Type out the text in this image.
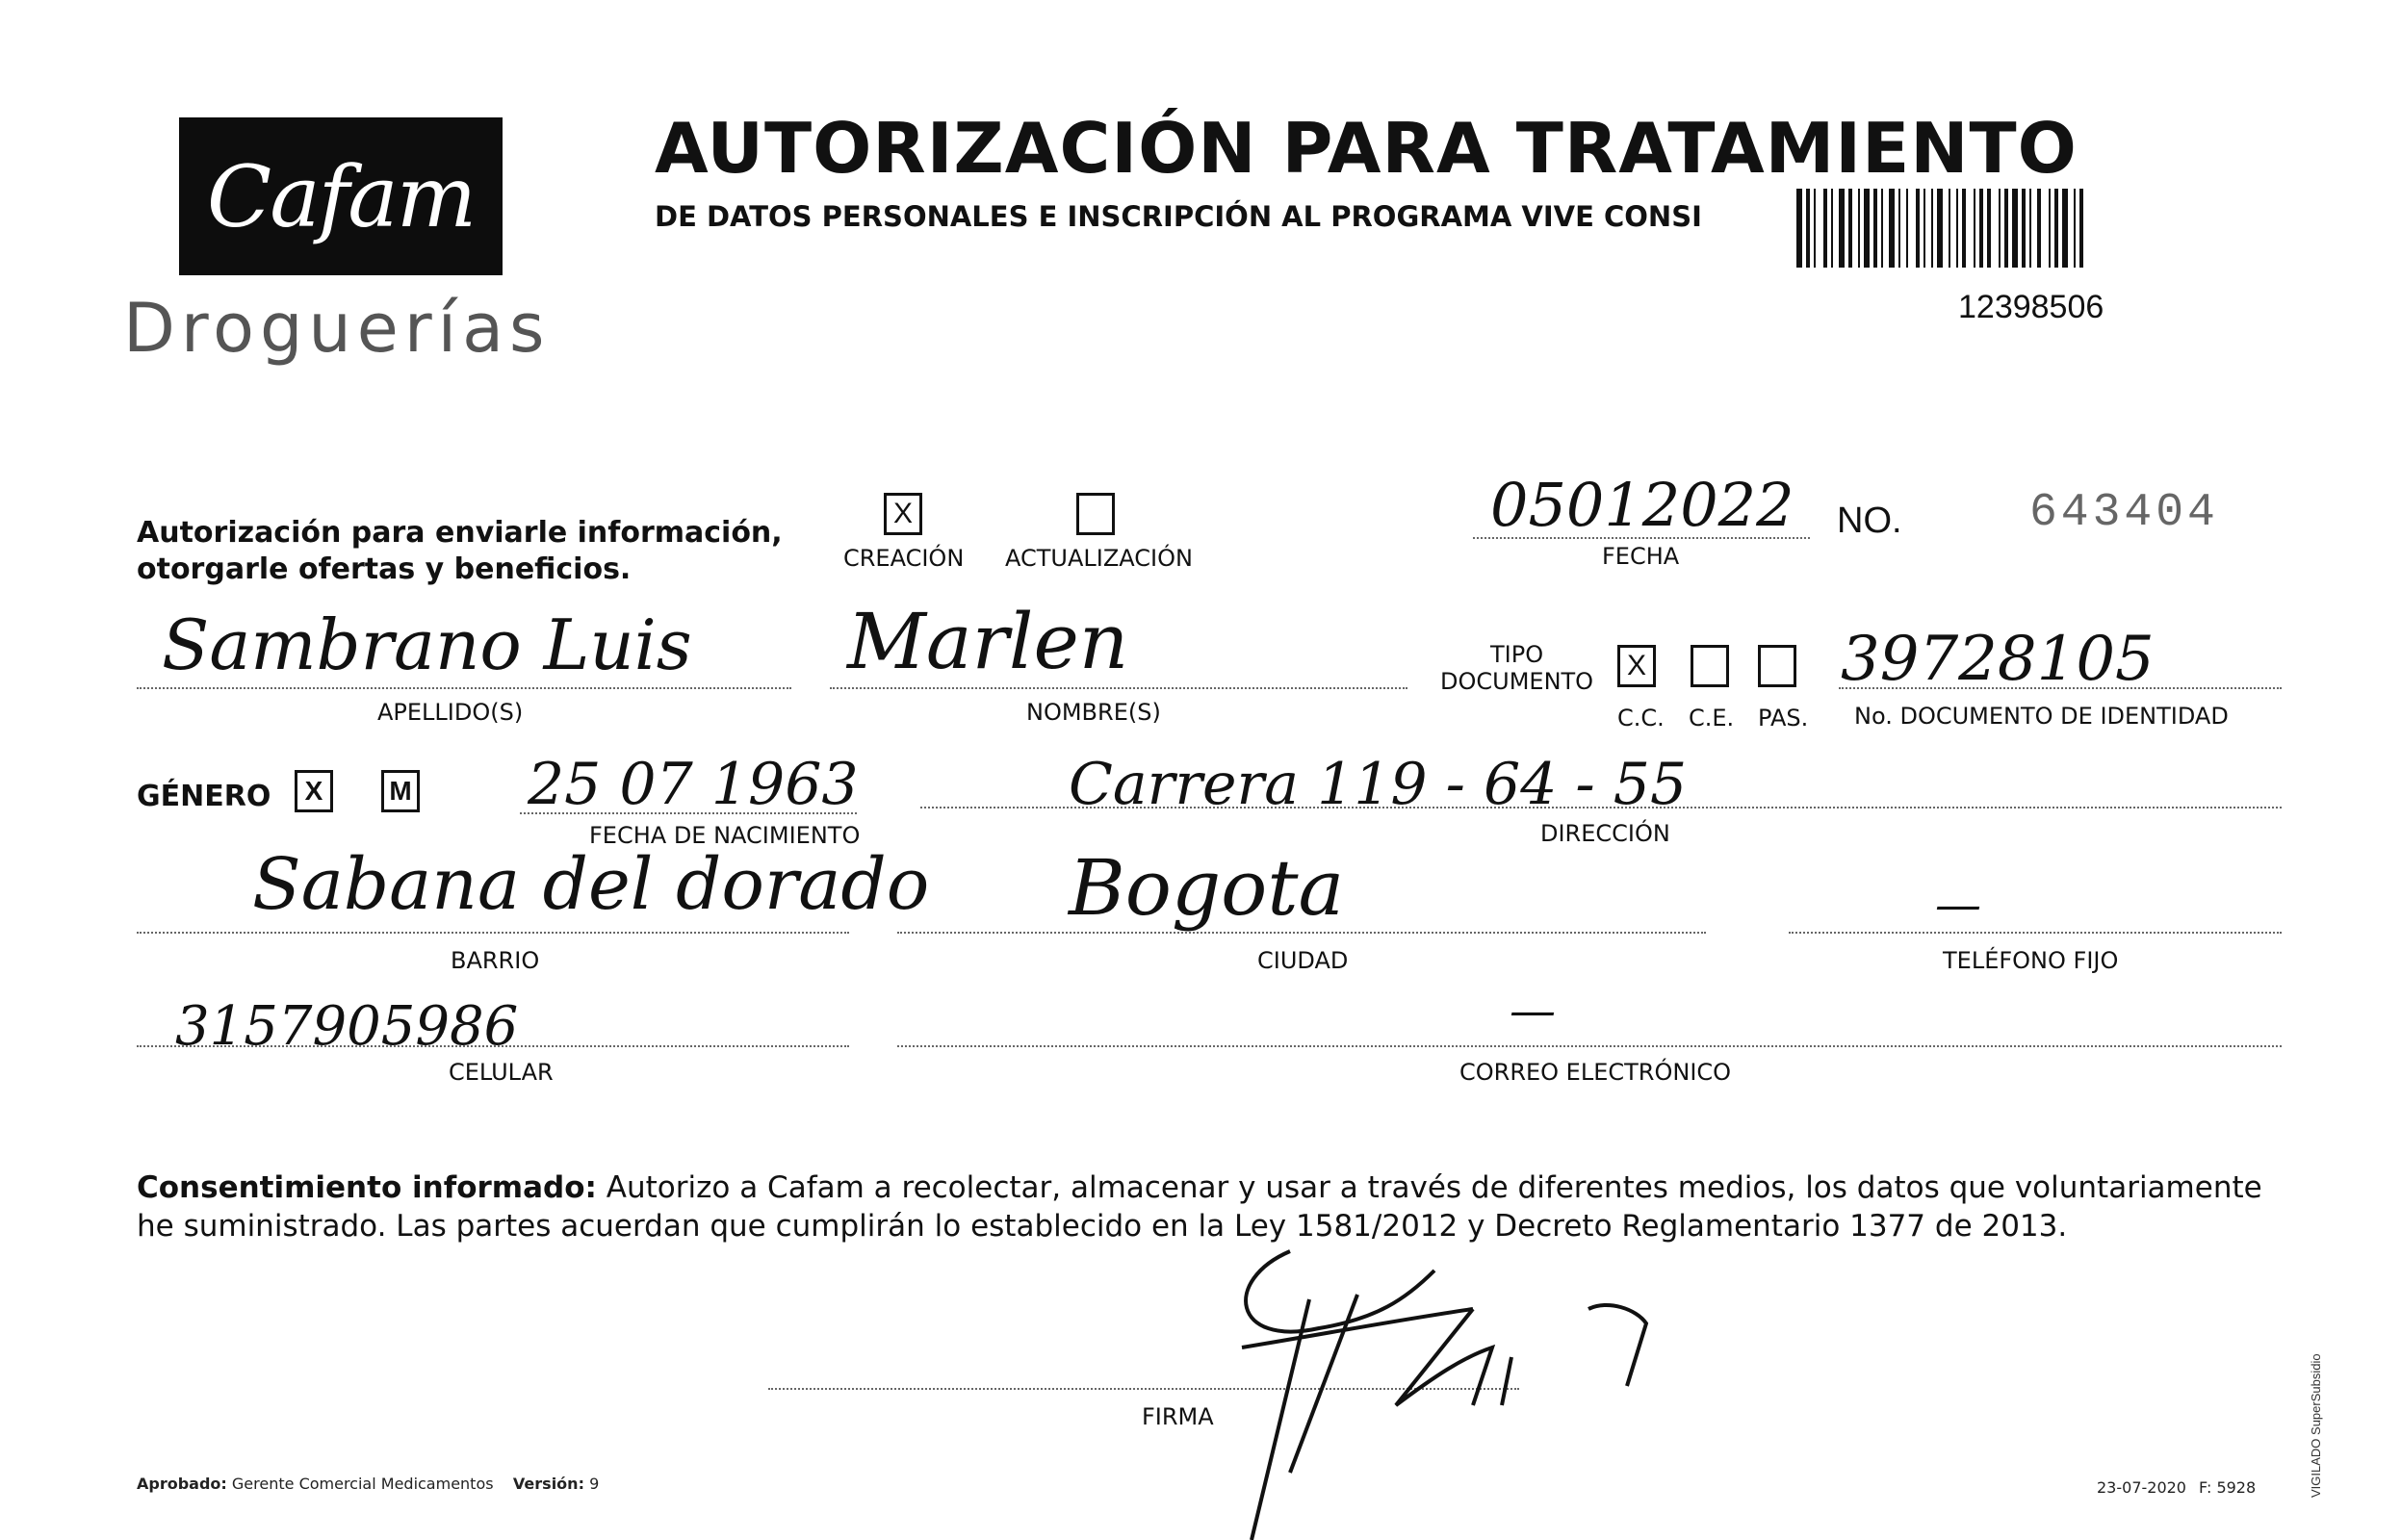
Cafam
Droguerías
AUTORIZACIÓN PARA TRATAMIENTO
DE DATOS PERSONALES E INSCRIPCIÓN AL PROGRAMA VIVE CONSI
12398506
Autorización para enviarle información,
otorgarle ofertas y beneficios.
X
CREACIÓN ACTUALIZACIÓN
05012022
FECHA
NO.	643404
Sambrano Luis
APELLIDO(S)
Marlen
NOMBRE(S)
TIPO
DOCUMENTO X
C.C. C.E. PAS.
39728105
No. DOCUMENTO DE IDENTIDAD
GÉNERO X M 25 07 1963
FECHA DE NACIMIENTO
Carrera 119 - 64 - 55
DIRECCIÓN
Sabana del dorado
BARRIO
Bogota
CIUDAD
—
TELÉFONO FIJO
3157905986
CELULAR
—
CORREO ELECTRÓNICO
Consentimiento informado: Autorizo a Cafam a recolectar, almacenar y usar a través de diferentes medios, los datos que voluntariamente he suministrado. Las partes acuerdan que cumplirán lo establecido en la Ley 1581/2012 y Decreto Reglamentario 1377 de 2013.
FIRMA
Aprobado: Gerente Comercial Medicamentos Versión: 9	23-07-2020 F: 5928	VIGILADO SuperSubsidio
